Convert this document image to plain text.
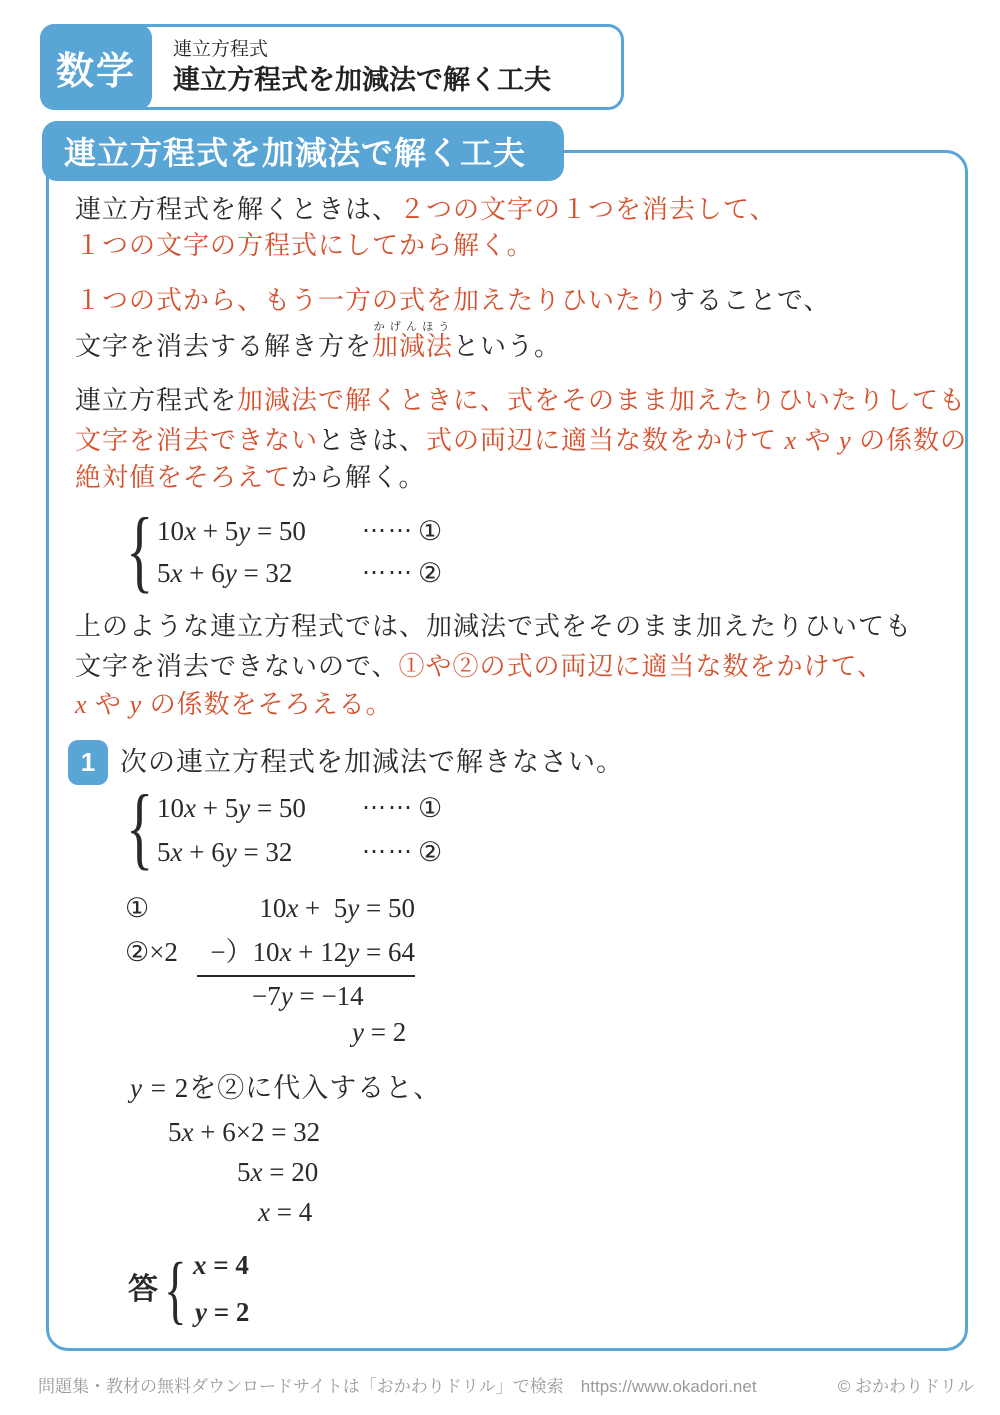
数学
連立方程式
連立方程式を加減法で解く工夫
連立方程式を加減法で解く工夫
連立方程式を解くときは、２つの文字の１つを消去して、
１つの文字の方程式にしてから解く。
１つの式から、もう一方の式を加えたりひいたりすることで、
文字を消去する解き方を加減法かげんほうという。
連立方程式を加減法で解くときに、式をそのまま加えたりひいたりしても
文字を消去できないときは、式の両辺に適当な数をかけて x や y の係数の
絶対値をそろえてから解く。
{ 10x + 5y = 50 ⋯⋯ ①
5x + 6y = 32	⋯⋯ ②
上のような連立方程式では、加減法で式をそのまま加えたりひいても
文字を消去できないので、①や②の式の両辺に適当な数をかけて、
x や y の係数をそろえる。
1 次の連立方程式を加減法で解きなさい。
{ 10x + 5y = 50 ⋯⋯ ①
5x + 6y = 32	⋯⋯ ②
①	10x +  5y = 50
②×2	−）10x + 12y = 64
−7y = −14
y = 2
y = 2を②に代入すると、
5x + 6×2 = 32
5x = 20
x = 4
答 { x = 4
y = 2
問題集・教材の無料ダウンロードサイトは「おかわりドリル」で検索　https://www.okadori.net	© おかわりドリル
